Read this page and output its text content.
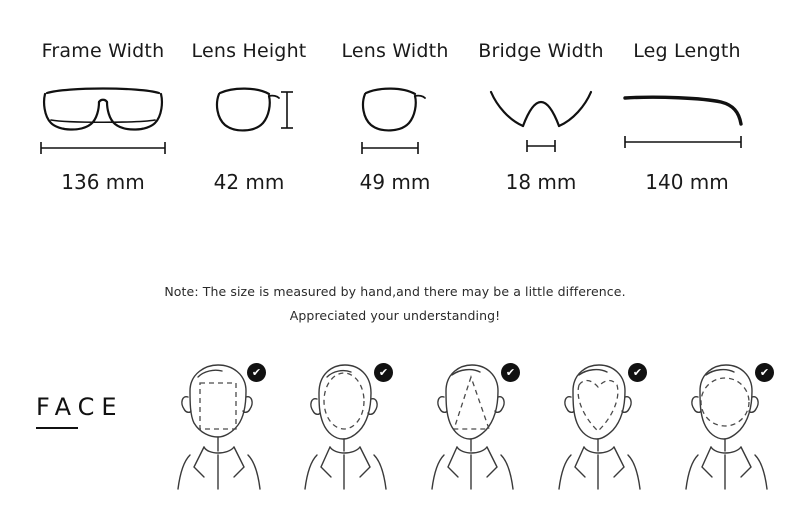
Frame Width
136 mm
Lens Height
42 mm
Lens Width
49 mm
Bridge Width
18 mm
Leg Length
140 mm
Note: The size is measured by hand,and there may be a little difference.
Appreciated your understanding!
FACE
✔	✔	✔	✔	✔
